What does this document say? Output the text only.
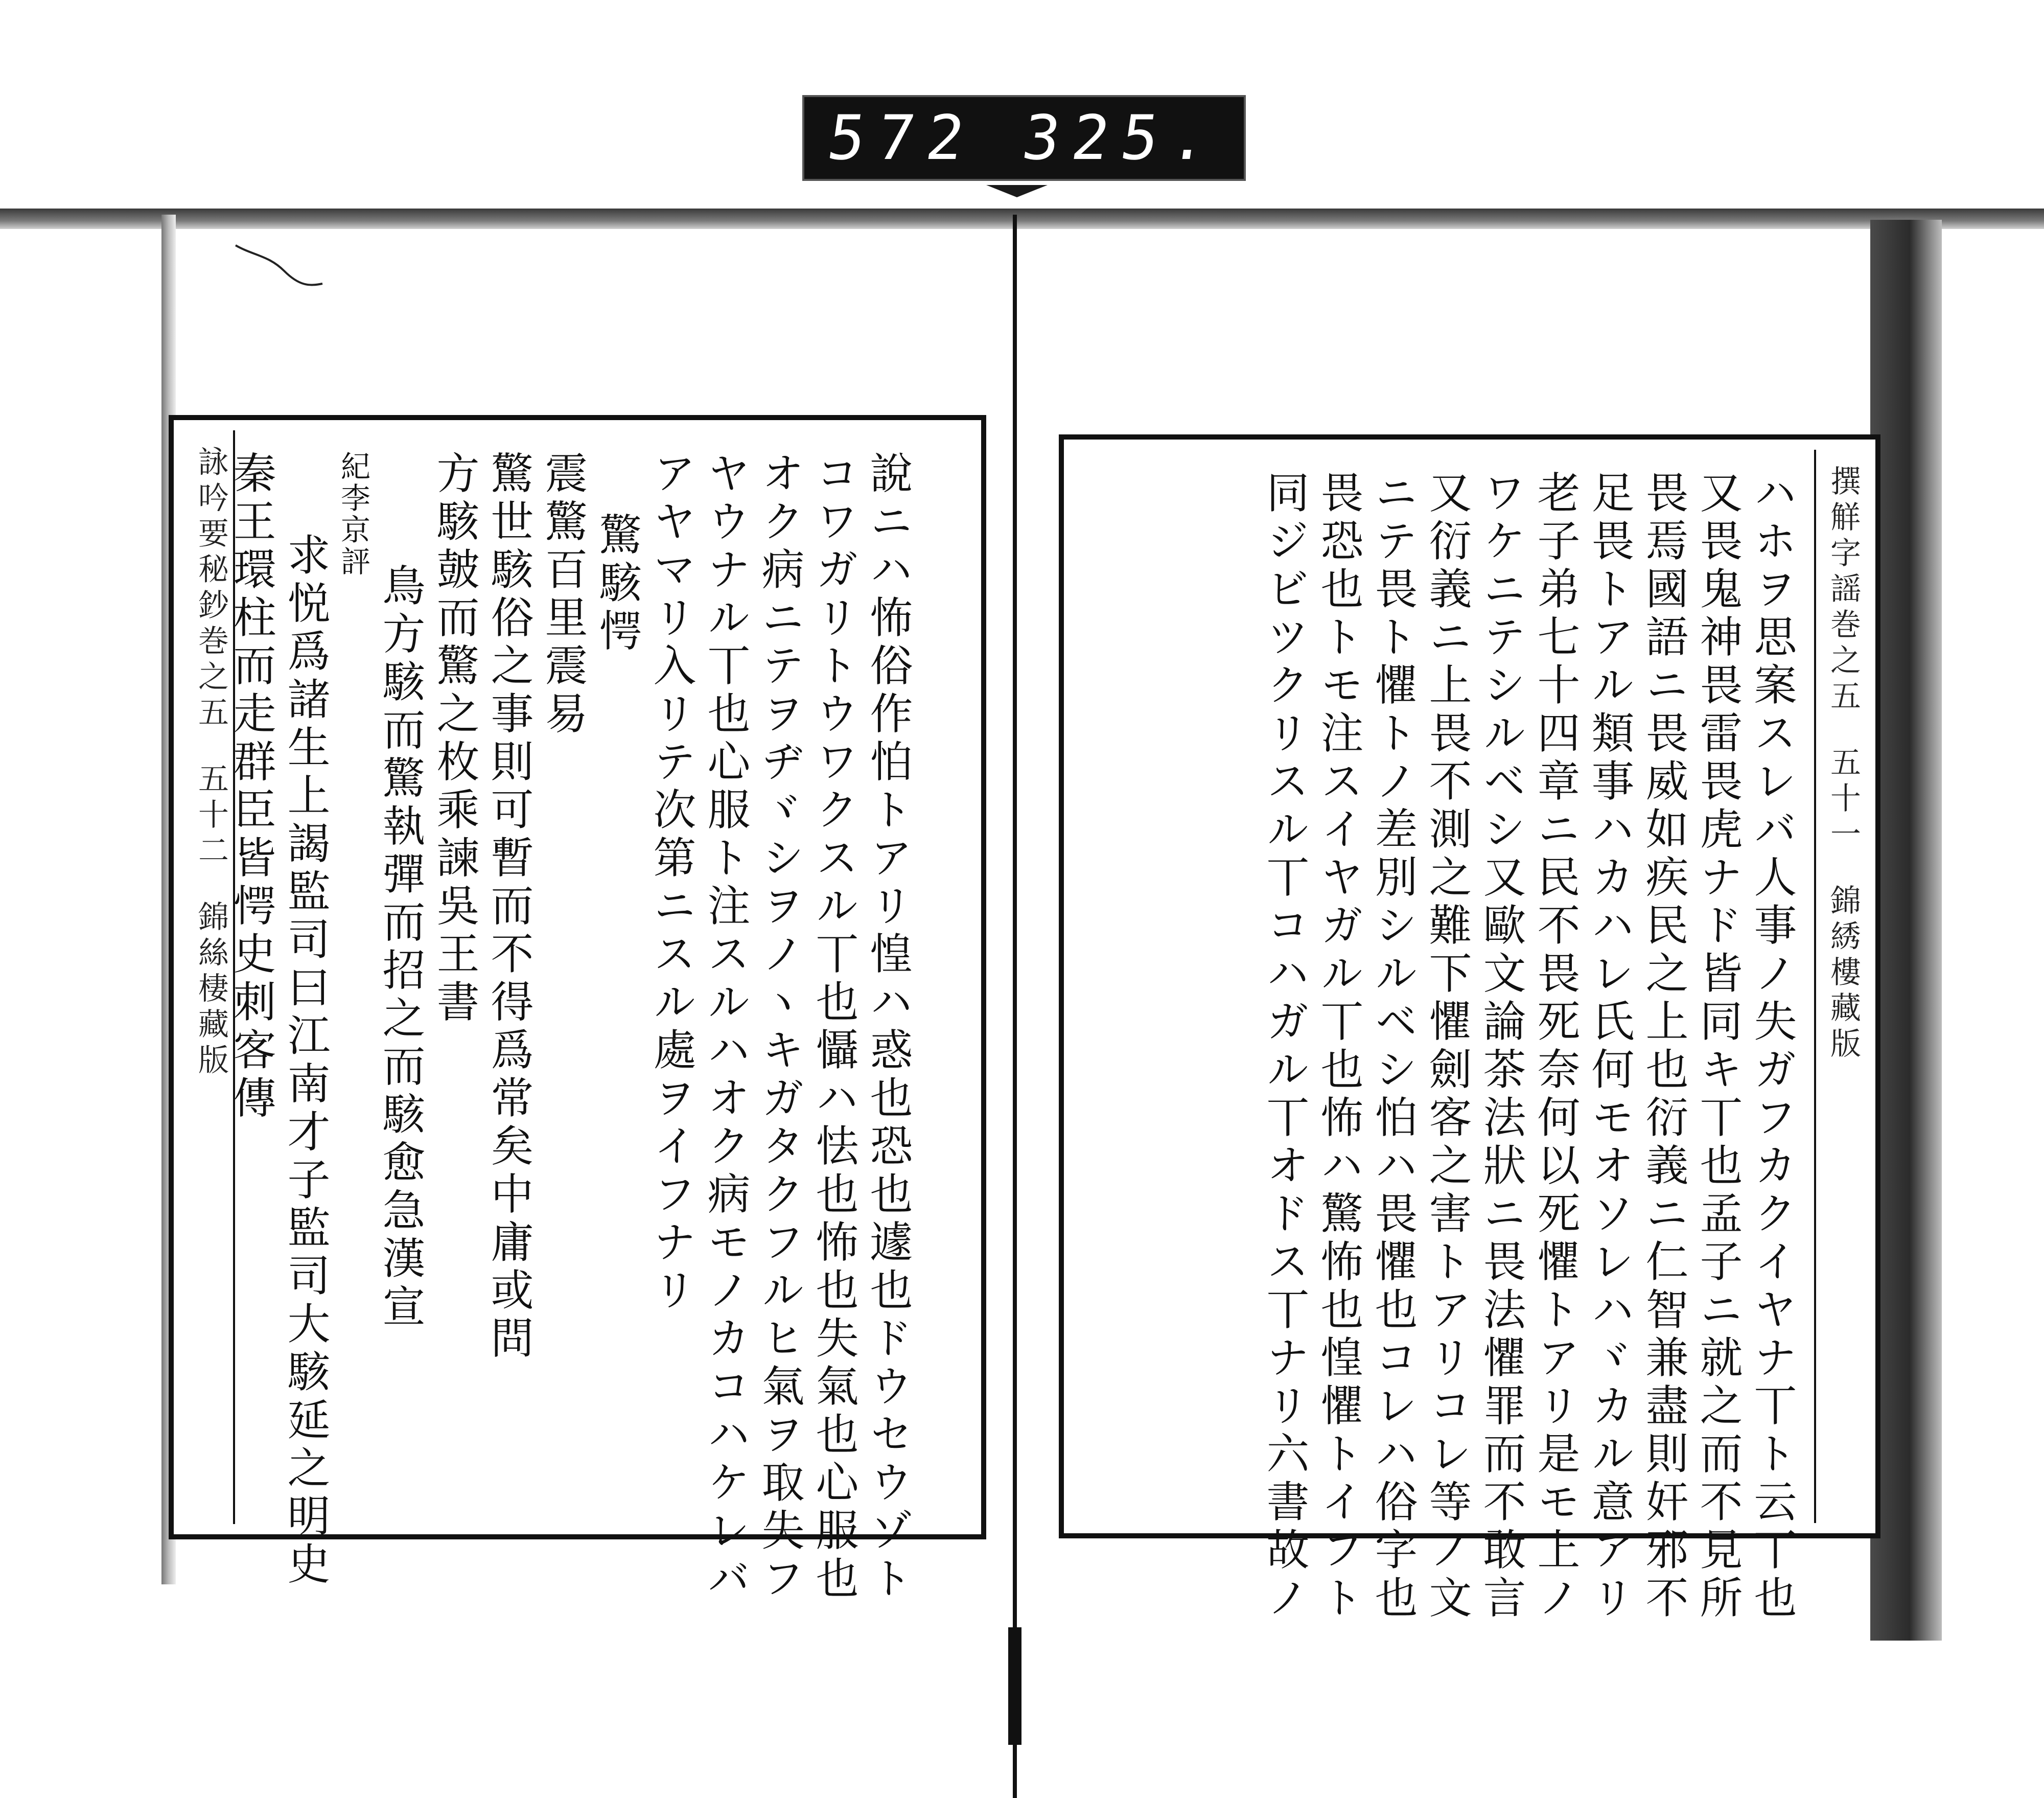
572 325.
說ニハ怖俗作怕トアリ惶ハ惑也恐也遽也ドウセウゾト
コワガリトウワクスル丅也懾ハ怯也怖也失氣也心服也
オク病ニテヲヂヾシヲノヽキガタクフルヒ氣ヲ取失フ
ヤウナル丅也心服ト注スルハオク病モノカコハケレバ
アヤマリ入リテ次第ニスル處ヲイフナリ
驚駭愕
震驚百里震易
驚世駭俗之事則可暫而不得爲常矣中庸或問
方駭皷而驚之枚乘諫吳王書
鳥方駭而驚執彈而招之而駭愈急漢宣
紀李京評
求悦爲諸生上謁監司曰江南才子監司大駭延之明史
秦王環柱而走群臣皆愕史刺客傳
詠吟要秘鈔巻之五
五十二
錦絲棲藏版	ハホヲ思案スレバ人事ノ失ガフカクイヤナ丅ト云丅也
又畏鬼神畏雷畏虎ナド皆同キ丅也孟子ニ就之而不見所
畏焉國語ニ畏威如疾民之上也衍義ニ仁智兼盡則奸邪不
足畏トアル類事ハカハレ氏何モオソレハヾカル意アリ
老子弟七十四章ニ民不畏死奈何以死懼トアリ是モ上ノ
ワケニテシルベシ又歐文論茶法狀ニ畏法懼罪而不敢言
又衍義ニ上畏不測之難下懼劍客之害トアリコレ等ノ文
ニテ畏ト懼トノ差別シルベシ怕ハ畏懼也コレハ俗字也
畏恐也トモ注スイヤガル丅也怖ハ驚怖也惶懼トイフト
同ジビツクリスル丅コハガル丅オドス丅ナリ六書故ノ	撰觧字謡巻之五
五十一
錦綉樓藏版
